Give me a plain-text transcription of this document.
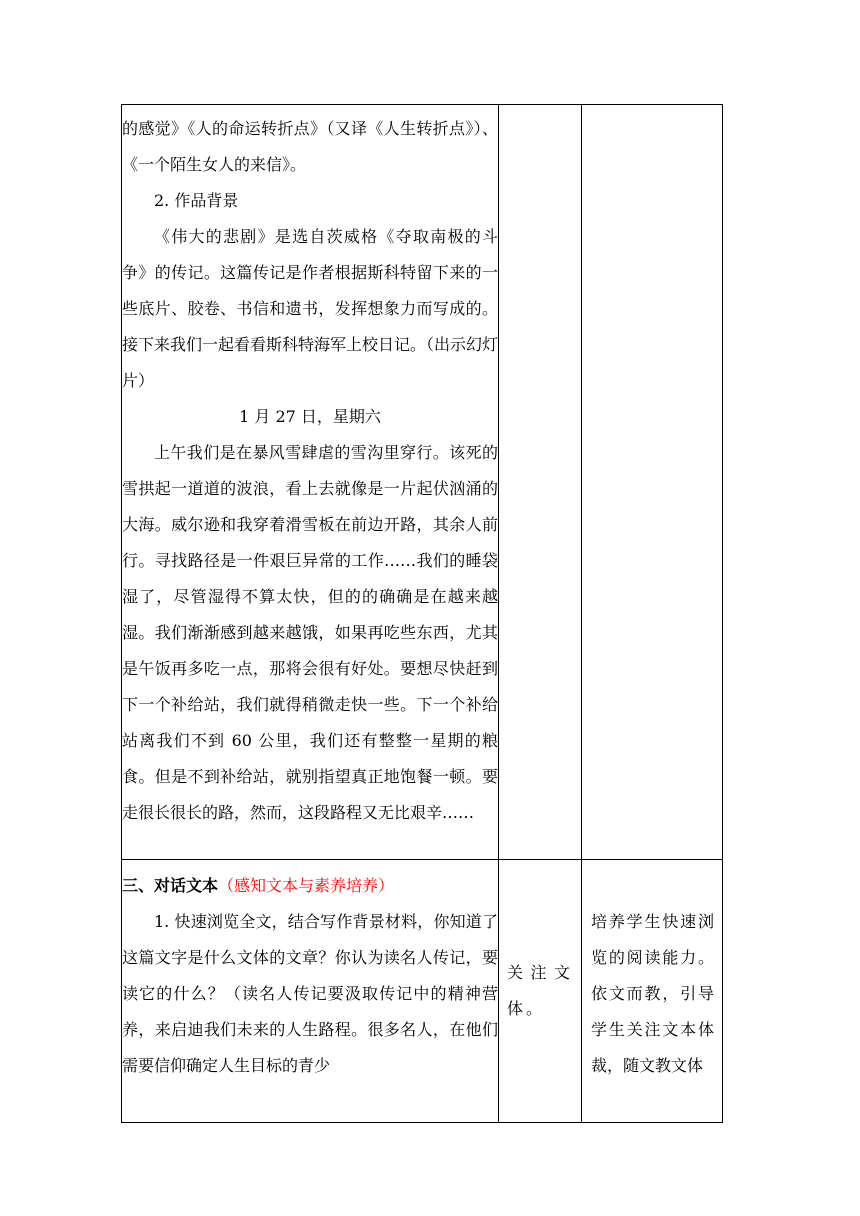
的感觉》《人的命运转折点》（又译《人生转折点》）、《一个陌生女人的来信》。

2. 作品背景

《伟大的悲剧》是选自茨威格《夺取南极的斗争》的传记。这篇传记是作者根据斯科特留下来的一些底片、胶卷、书信和遗书，发挥想象力而写成的。接下来我们一起看看斯科特海军上校日记。（出示幻灯片）

1 月 27 日，星期六

上午我们是在暴风雪肆虐的雪沟里穿行。该死的雪拱起一道道的波浪，看上去就像是一片起伏汹涌的大海。威尔逊和我穿着滑雪板在前边开路，其余人前行。寻找路径是一件艰巨异常的工作……我们的睡袋湿了，尽管湿得不算太快，但的的确确是在越来越湿。我们渐渐感到越来越饿，如果再吃些东西，尤其是午饭再多吃一点，那将会很有好处。要想尽快赶到下一个补给站，我们就得稍微走快一些。下一个补给站离我们不到 60 公里，我们还有整整一星期的粮食。但是不到补给站，就别指望真正地饱餐一顿。要走很长很长的路，然而，这段路程又无比艰辛……		

三、对话文本（感知文本与素养培养）

1. 快速浏览全文，结合写作背景材料，你知道了这篇文字是什么文体的文章？你认为读名人传记，要读它的什么？（读名人传记要汲取传记中的精神营养，来启迪我们未来的人生路程。很多名人，在他们需要信仰确定人生目标的青少	关注文体。	培养学生快速浏览的阅读能力。依文而教，引导学生关注文本体裁，随文教文体
